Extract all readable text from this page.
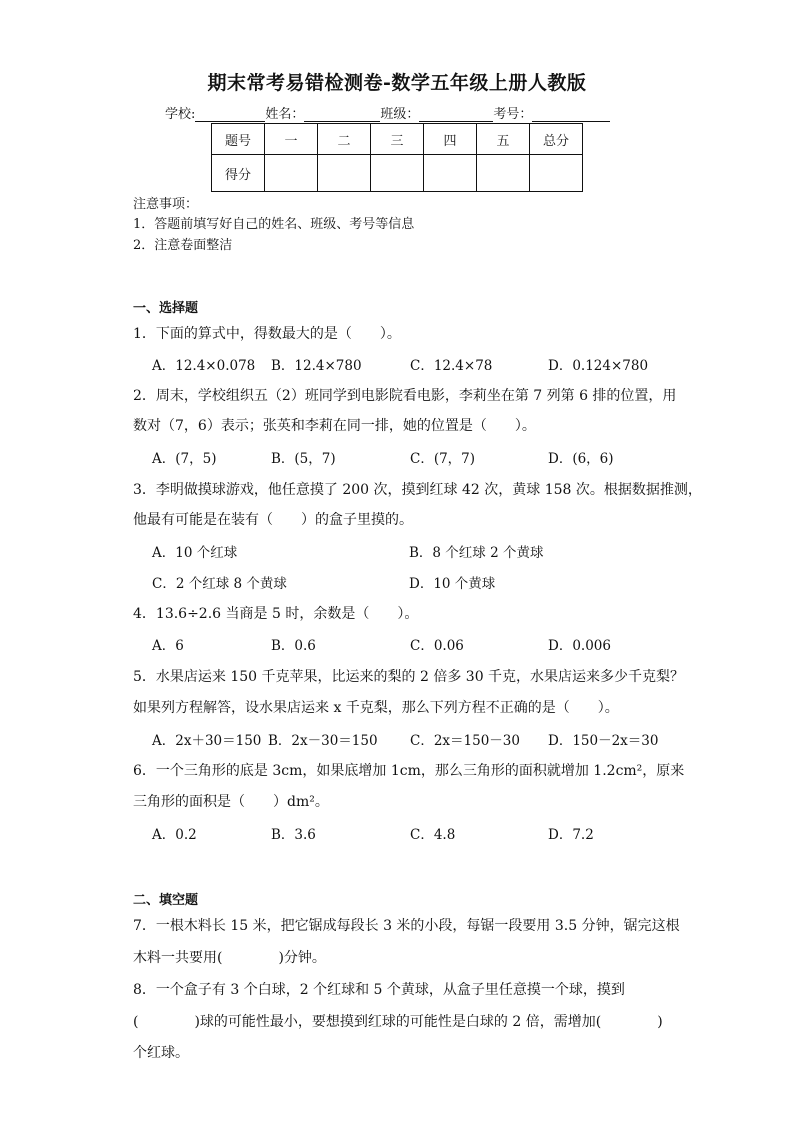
期末常考易错检测卷-数学五年级上册人教版
学校:	姓名：	班级：	考号：
题号	一	二	三	四	五	总分
得分						
注意事项：
1．答题前填写好自己的姓名、班级、考号等信息
2．注意卷面整洁
一、选择题
1．下面的算式中，得数最大的是（　　）。
A．12.4×0.078 B．12.4×780	C．12.4×78	D．0.124×780
2．周末，学校组织五（2）班同学到电影院看电影，李莉坐在第 7 列第 6 排的位置，用
数对（7，6）表示；张英和李莉在同一排，她的位置是（　　）。
A．(7，5)	B．(5，7)	C．(7，7)	D．(6，6)
3．李明做摸球游戏，他任意摸了 200 次，摸到红球 42 次，黄球 158 次。根据数据推测，
他最有可能是在装有（　　）的盒子里摸的。
A．10 个红球	B．8 个红球 2 个黄球
C．2 个红球 8 个黄球	D．10 个黄球
4．13.6÷2.6 当商是 5 时，余数是（　　）。
A．6	B．0.6	C．0.06	D．0.006
5．水果店运来 150 千克苹果，比运来的梨的 2 倍多 30 千克，水果店运来多少千克梨？
如果列方程解答，设水果店运来 x 千克梨，那么下列方程不正确的是（　　）。
A．2x＋30＝150 B．2x－30＝150 C．2x＝150－30 D．150－2x＝30
6．一个三角形的底是 3cm，如果底增加 1cm，那么三角形的面积就增加 1.2cm²，原来
三角形的面积是（　　）dm²。
A．0.2	B．3.6	C．4.8	D．7.2
二、填空题
7．一根木料长 15 米，把它锯成每段长 3 米的小段，每锯一段要用 3.5 分钟，锯完这根
木料一共要用(　　　　)分钟。
8．一个盒子有 3 个白球，2 个红球和 5 个黄球，从盒子里任意摸一个球，摸到
(　　　　)球的可能性最小，要想摸到红球的可能性是白球的 2 倍，需增加(　　　　)
个红球。
